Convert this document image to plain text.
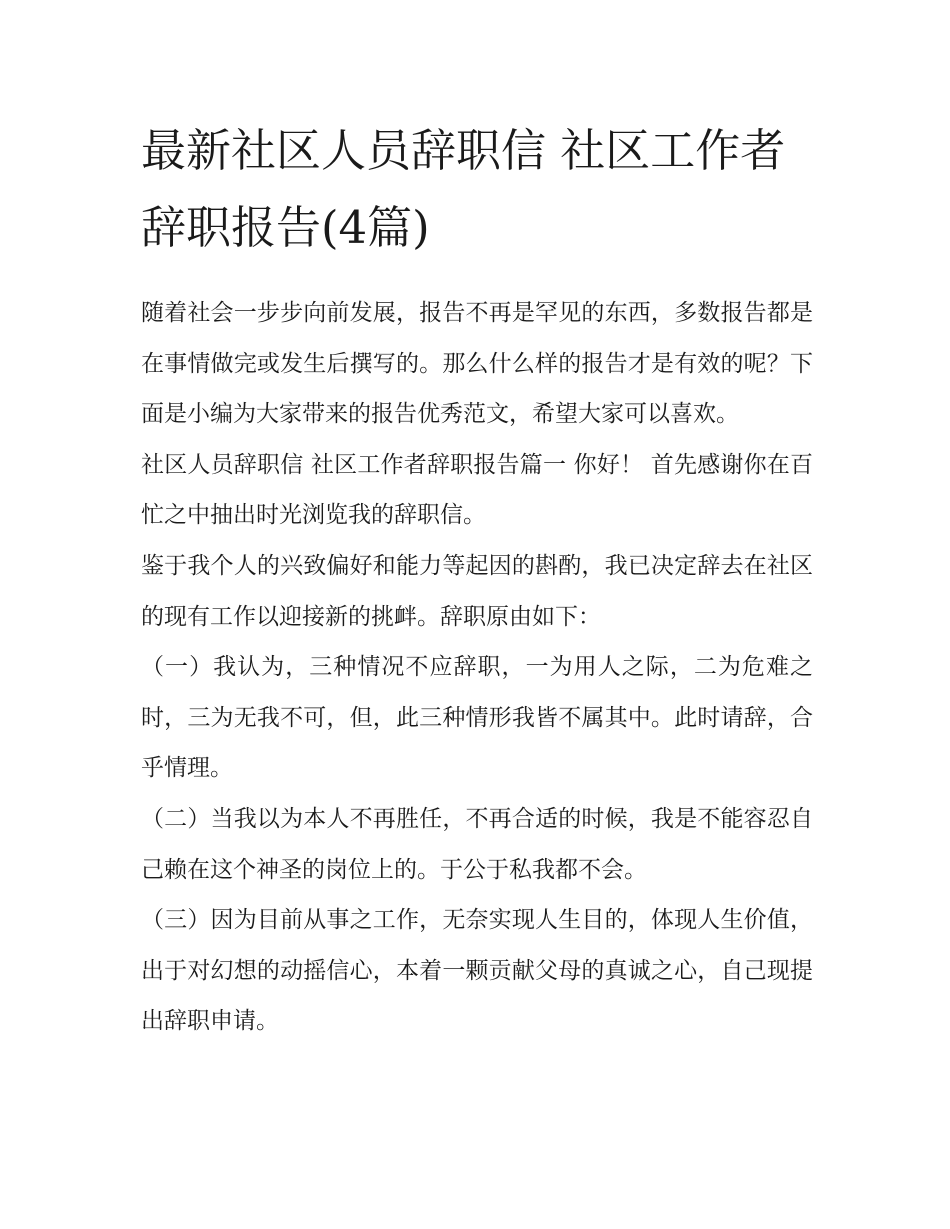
最新社区人员辞职信 社区工作者辞职报告(4篇)

随着社会一步步向前发展，报告不再是罕见的东西，多数报告都是在事情做完或发生后撰写的。那么什么样的报告才是有效的呢？下面是小编为大家带来的报告优秀范文，希望大家可以喜欢。

社区人员辞职信 社区工作者辞职报告篇一 你好！ 首先感谢你在百忙之中抽出时光浏览我的辞职信。

鉴于我个人的兴致偏好和能力等起因的斟酌，我已决定辞去在社区的现有工作以迎接新的挑衅。辞职原由如下：

（一）我认为，三种情况不应辞职，一为用人之际，二为危难之时，三为无我不可，但，此三种情形我皆不属其中。此时请辞，合乎情理。

（二）当我以为本人不再胜任，不再合适的时候，我是不能容忍自己赖在这个神圣的岗位上的。于公于私我都不会。

（三）因为目前从事之工作，无奈实现人生目的，体现人生价值，出于对幻想的动摇信心，本着一颗贡献父母的真诚之心，自己现提出辞职申请。
